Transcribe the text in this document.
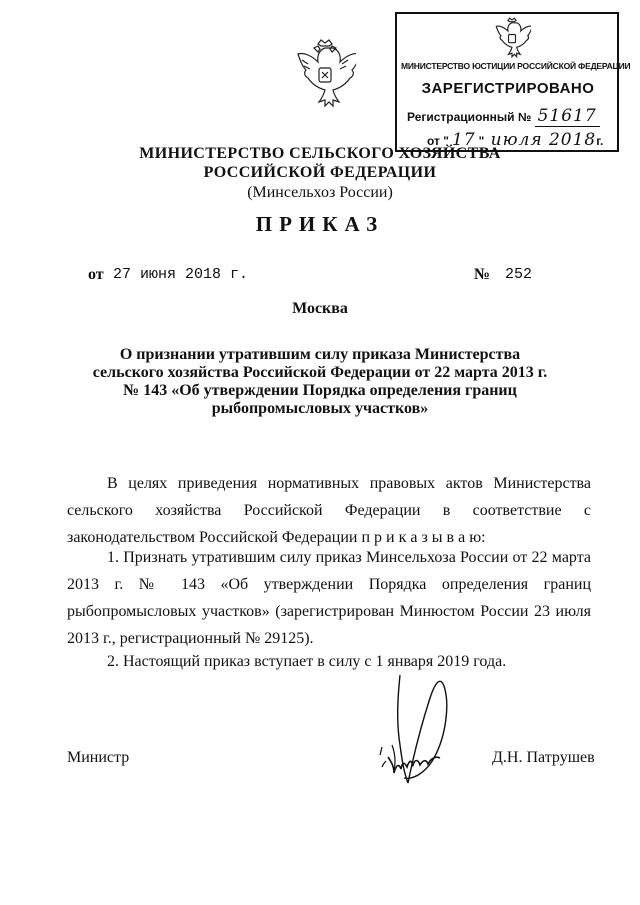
МИНИСТЕРСТВО ЮСТИЦИИ РОССИЙСКОЙ ФЕДЕРАЦИИ
ЗАРЕГИСТРИРОВАНО
Регистрационный № 51617
от " 17 " июля 2018г.
МИНИСТЕРСТВО СЕЛЬСКОГО ХОЗЯЙСТВА
РОССИЙСКОЙ ФЕДЕРАЦИИ
(Минсельхоз России)
ПРИКАЗ
от 27 июня 2018 г.	№ 252
Москва
О признании утратившим силу приказа Министерства сельского хозяйства Российской Федерации от 22 марта 2013 г. № 143 «Об утверждении Порядка определения границ рыбопромысловых участков»
В целях приведения нормативных правовых актов Министерства сельского хозяйства Российской Федерации в соответствие с законодательством Российской Федерации п р и к а з ы в а ю:
1. Признать утратившим силу приказ Минсельхоза России от 22 марта 2013 г. № 143 «Об утверждении Порядка определения границ рыбопромысловых участков» (зарегистрирован Минюстом России 23 июля 2013 г., регистрационный № 29125).
2. Настоящий приказ вступает в силу с 1 января 2019 года.
Министр	Д.Н. Патрушев
